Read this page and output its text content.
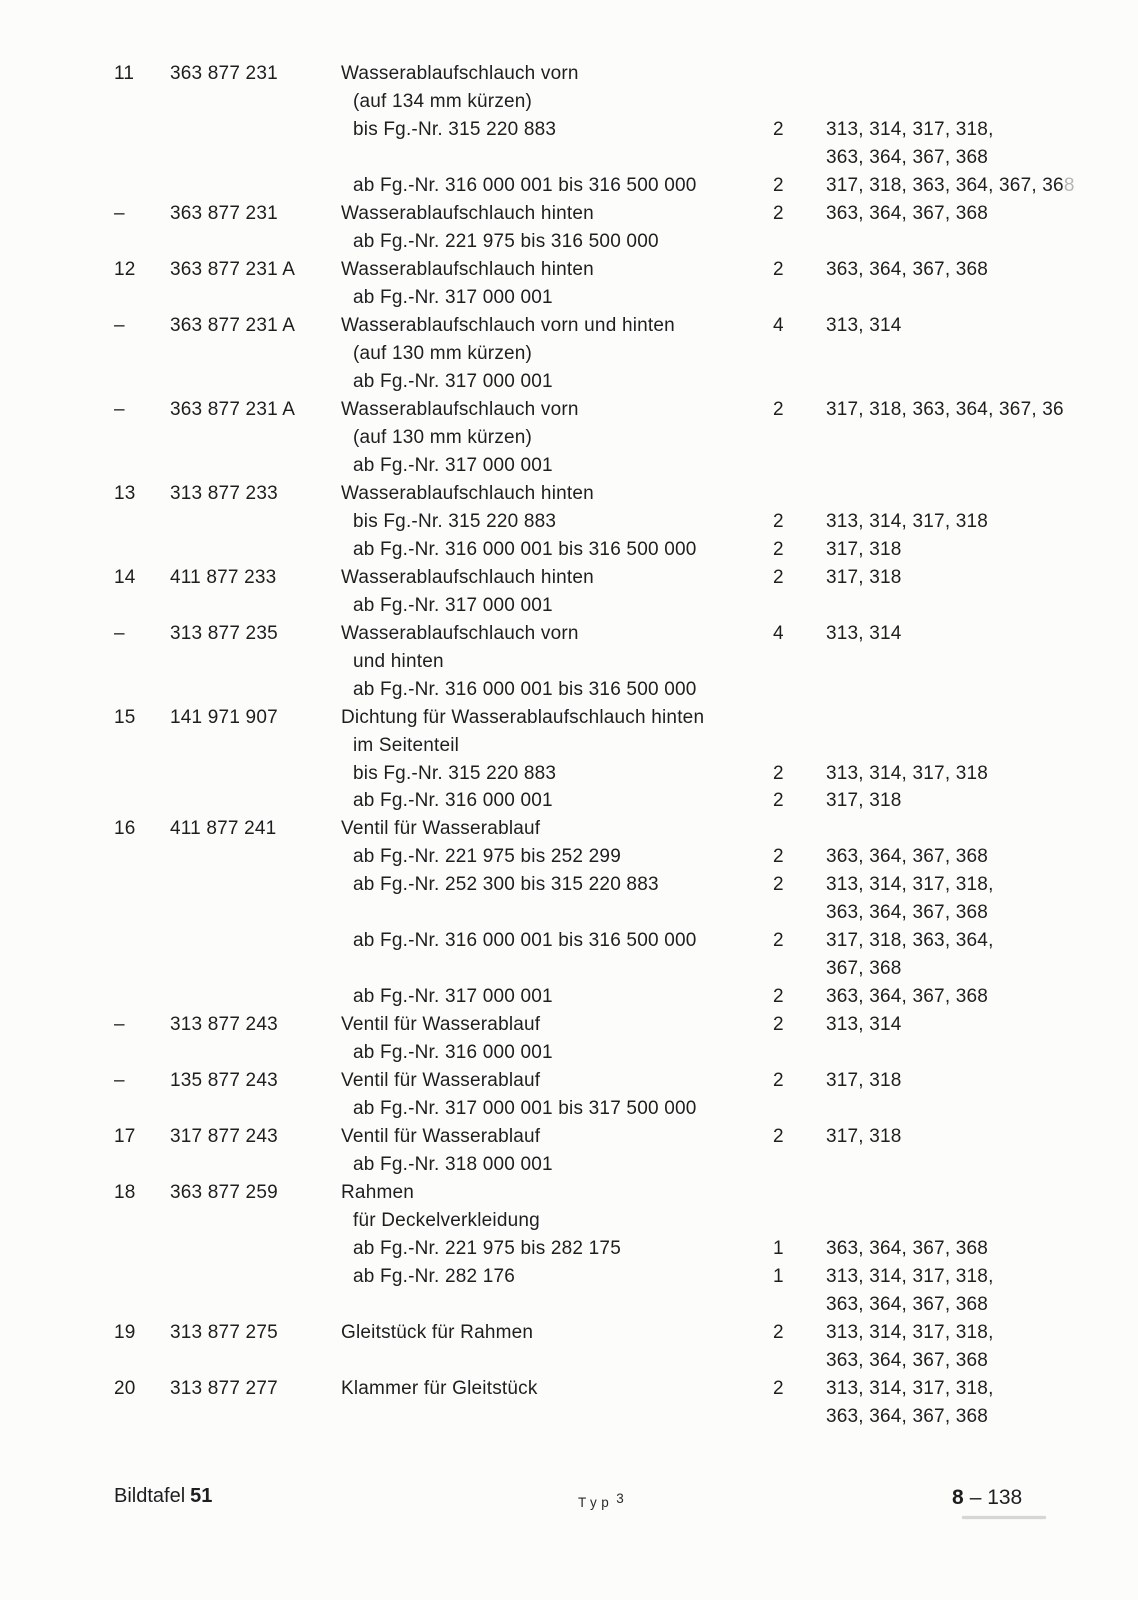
11 363 877 231	Wasserablaufschlauch vorn
(auf 134 mm kürzen)
bis Fg.-Nr. 315 220 883	2 313, 314, 317, 318,
363, 364, 367, 368
ab Fg.-Nr. 316 000 001 bis 316 500 000	2 317, 318, 363, 364, 367, 368
– 363 877 231	Wasserablaufschlauch hinten	2 363, 364, 367, 368
ab Fg.-Nr. 221 975 bis 316 500 000
12 363 877 231 A Wasserablaufschlauch hinten	2 363, 364, 367, 368
ab Fg.-Nr. 317 000 001
– 363 877 231 A Wasserablaufschlauch vorn und hinten	4 313, 314
(auf 130 mm kürzen)
ab Fg.-Nr. 317 000 001
– 363 877 231 A Wasserablaufschlauch vorn	2 317, 318, 363, 364, 367, 36
(auf 130 mm kürzen)
ab Fg.-Nr. 317 000 001
13 313 877 233	Wasserablaufschlauch hinten
bis Fg.-Nr. 315 220 883	2 313, 314, 317, 318
ab Fg.-Nr. 316 000 001 bis 316 500 000	2 317, 318
14 411 877 233	Wasserablaufschlauch hinten	2 317, 318
ab Fg.-Nr. 317 000 001
– 313 877 235	Wasserablaufschlauch vorn	4 313, 314
und hinten
ab Fg.-Nr. 316 000 001 bis 316 500 000
15 141 971 907	Dichtung für Wasserablaufschlauch hinten
im Seitenteil
bis Fg.-Nr. 315 220 883	2 313, 314, 317, 318
ab Fg.-Nr. 316 000 001	2 317, 318
16 411 877 241	Ventil für Wasserablauf
ab Fg.-Nr. 221 975 bis 252 299	2 363, 364, 367, 368
ab Fg.-Nr. 252 300 bis 315 220 883	2 313, 314, 317, 318,
363, 364, 367, 368
ab Fg.-Nr. 316 000 001 bis 316 500 000	2 317, 318, 363, 364,
367, 368
ab Fg.-Nr. 317 000 001	2 363, 364, 367, 368
– 313 877 243	Ventil für Wasserablauf	2 313, 314
ab Fg.-Nr. 316 000 001
– 135 877 243	Ventil für Wasserablauf	2 317, 318
ab Fg.-Nr. 317 000 001 bis 317 500 000
17 317 877 243	Ventil für Wasserablauf	2 317, 318
ab Fg.-Nr. 318 000 001
18 363 877 259	Rahmen
für Deckelverkleidung
ab Fg.-Nr. 221 975 bis 282 175	1 363, 364, 367, 368
ab Fg.-Nr. 282 176	1 313, 314, 317, 318,
363, 364, 367, 368
19 313 877 275	Gleitstück für Rahmen	2 313, 314, 317, 318,
363, 364, 367, 368
20 313 877 277	Klammer für Gleitstück	2 313, 314, 317, 318,
363, 364, 367, 368
Bildtafel 51	Typ 3	8 – 138
